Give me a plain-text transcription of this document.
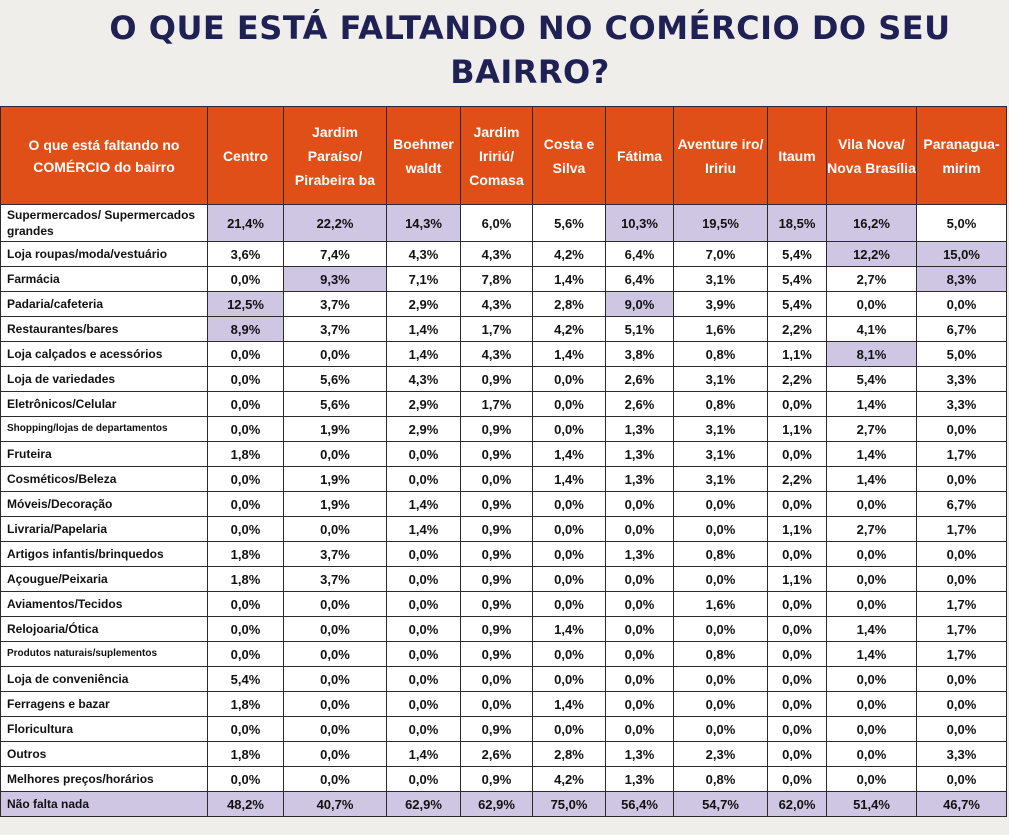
O QUE ESTÁ FALTANDO NO COMÉRCIO DO SEU BAIRRO?
O que está faltando no COMÉRCIO do bairro	Centro	Jardim Paraíso/ Pirabeira ba	Boehmer waldt	Jardim Iririú/ Comasa	Costa e Silva	Fátima	Aventure iro/ Iririu	Itaum	Vila Nova/ Nova Brasília	Paranagua- mirim
Supermercados/ Supermercados grandes	21,4%	22,2%	14,3%	6,0%	5,6%	10,3%	19,5%	18,5%	16,2%	5,0%
Loja roupas/moda/vestuário	3,6%	7,4%	4,3%	4,3%	4,2%	6,4%	7,0%	5,4%	12,2%	15,0%
Farmácia	0,0%	9,3%	7,1%	7,8%	1,4%	6,4%	3,1%	5,4%	2,7%	8,3%
Padaria/cafeteria	12,5%	3,7%	2,9%	4,3%	2,8%	9,0%	3,9%	5,4%	0,0%	0,0%
Restaurantes/bares	8,9%	3,7%	1,4%	1,7%	4,2%	5,1%	1,6%	2,2%	4,1%	6,7%
Loja calçados e acessórios	0,0%	0,0%	1,4%	4,3%	1,4%	3,8%	0,8%	1,1%	8,1%	5,0%
Loja de variedades	0,0%	5,6%	4,3%	0,9%	0,0%	2,6%	3,1%	2,2%	5,4%	3,3%
Eletrônicos/Celular	0,0%	5,6%	2,9%	1,7%	0,0%	2,6%	0,8%	0,0%	1,4%	3,3%
Shopping/lojas de departamentos	0,0%	1,9%	2,9%	0,9%	0,0%	1,3%	3,1%	1,1%	2,7%	0,0%
Fruteira	1,8%	0,0%	0,0%	0,9%	1,4%	1,3%	3,1%	0,0%	1,4%	1,7%
Cosméticos/Beleza	0,0%	1,9%	0,0%	0,0%	1,4%	1,3%	3,1%	2,2%	1,4%	0,0%
Móveis/Decoração	0,0%	1,9%	1,4%	0,9%	0,0%	0,0%	0,0%	0,0%	0,0%	6,7%
Livraria/Papelaria	0,0%	0,0%	1,4%	0,9%	0,0%	0,0%	0,0%	1,1%	2,7%	1,7%
Artigos infantis/brinquedos	1,8%	3,7%	0,0%	0,9%	0,0%	1,3%	0,8%	0,0%	0,0%	0,0%
Açougue/Peixaria	1,8%	3,7%	0,0%	0,9%	0,0%	0,0%	0,0%	1,1%	0,0%	0,0%
Aviamentos/Tecidos	0,0%	0,0%	0,0%	0,9%	0,0%	0,0%	1,6%	0,0%	0,0%	1,7%
Relojoaria/Ótica	0,0%	0,0%	0,0%	0,9%	1,4%	0,0%	0,0%	0,0%	1,4%	1,7%
Produtos naturais/suplementos	0,0%	0,0%	0,0%	0,9%	0,0%	0,0%	0,8%	0,0%	1,4%	1,7%
Loja de conveniência	5,4%	0,0%	0,0%	0,0%	0,0%	0,0%	0,0%	0,0%	0,0%	0,0%
Ferragens e bazar	1,8%	0,0%	0,0%	0,0%	1,4%	0,0%	0,0%	0,0%	0,0%	0,0%
Floricultura	0,0%	0,0%	0,0%	0,9%	0,0%	0,0%	0,0%	0,0%	0,0%	0,0%
Outros	1,8%	0,0%	1,4%	2,6%	2,8%	1,3%	2,3%	0,0%	0,0%	3,3%
Melhores preços/horários	0,0%	0,0%	0,0%	0,9%	4,2%	1,3%	0,8%	0,0%	0,0%	0,0%
Não falta nada	48,2%	40,7%	62,9%	62,9%	75,0%	56,4%	54,7%	62,0%	51,4%	46,7%
